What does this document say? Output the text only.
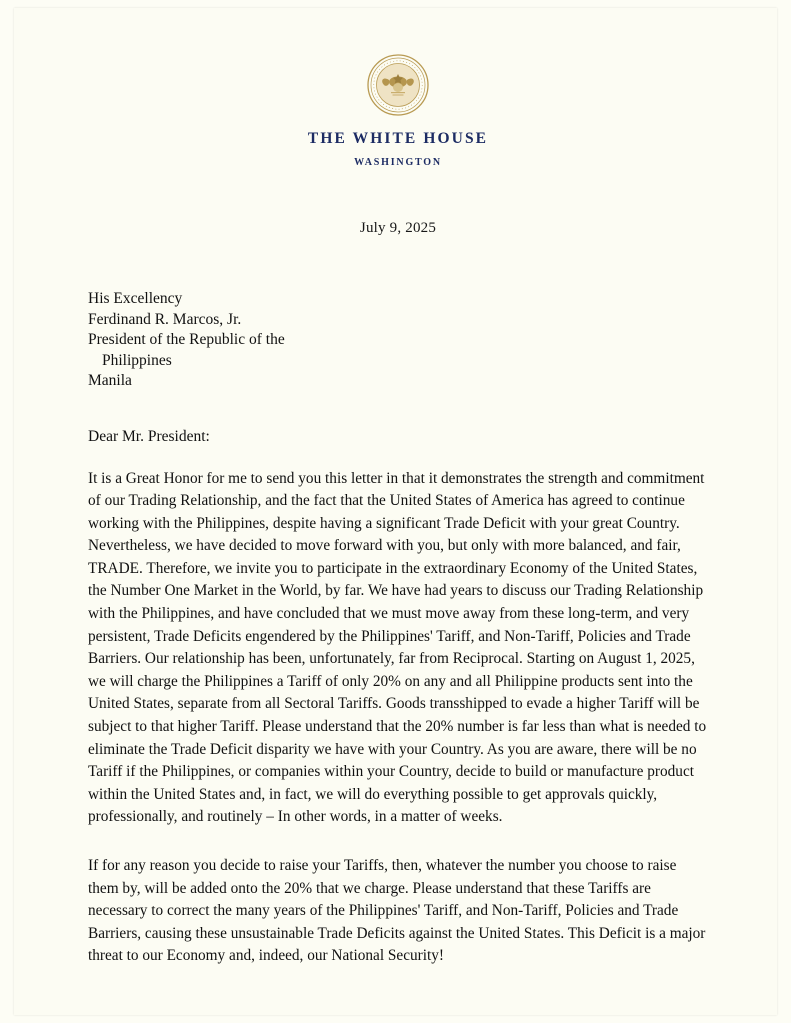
THE WHITE HOUSE
WASHINGTON
July 9, 2025
His Excellency
Ferdinand R. Marcos, Jr.
President of the Republic of the
Philippines
Manila
Dear Mr. President:
It is a Great Honor for me to send you this letter in that it demonstrates the strength and commitment of our Trading Relationship, and the fact that the United States of America has agreed to continue working with the Philippines, despite having a significant Trade Deficit with your great Country. Nevertheless, we have decided to move forward with you, but only with more balanced, and fair, TRADE. Therefore, we invite you to participate in the extraordinary Economy of the United States, the Number One Market in the World, by far. We have had years to discuss our Trading Relationship with the Philippines, and have concluded that we must move away from these long-term, and very persistent, Trade Deficits engendered by the Philippines' Tariff, and Non-Tariff, Policies and Trade Barriers. Our relationship has been, unfortunately, far from Reciprocal. Starting on August 1, 2025, we will charge the Philippines a Tariff of only 20% on any and all Philippine products sent into the United States, separate from all Sectoral Tariffs. Goods transshipped to evade a higher Tariff will be subject to that higher Tariff. Please understand that the 20% number is far less than what is needed to eliminate the Trade Deficit disparity we have with your Country. As you are aware, there will be no Tariff if the Philippines, or companies within your Country, decide to build or manufacture product within the United States and, in fact, we will do everything possible to get approvals quickly, professionally, and routinely – In other words, in a matter of weeks.
If for any reason you decide to raise your Tariffs, then, whatever the number you choose to raise them by, will be added onto the 20% that we charge. Please understand that these Tariffs are necessary to correct the many years of the Philippines' Tariff, and Non-Tariff, Policies and Trade Barriers, causing these unsustainable Trade Deficits against the United States. This Deficit is a major threat to our Economy and, indeed, our National Security!
